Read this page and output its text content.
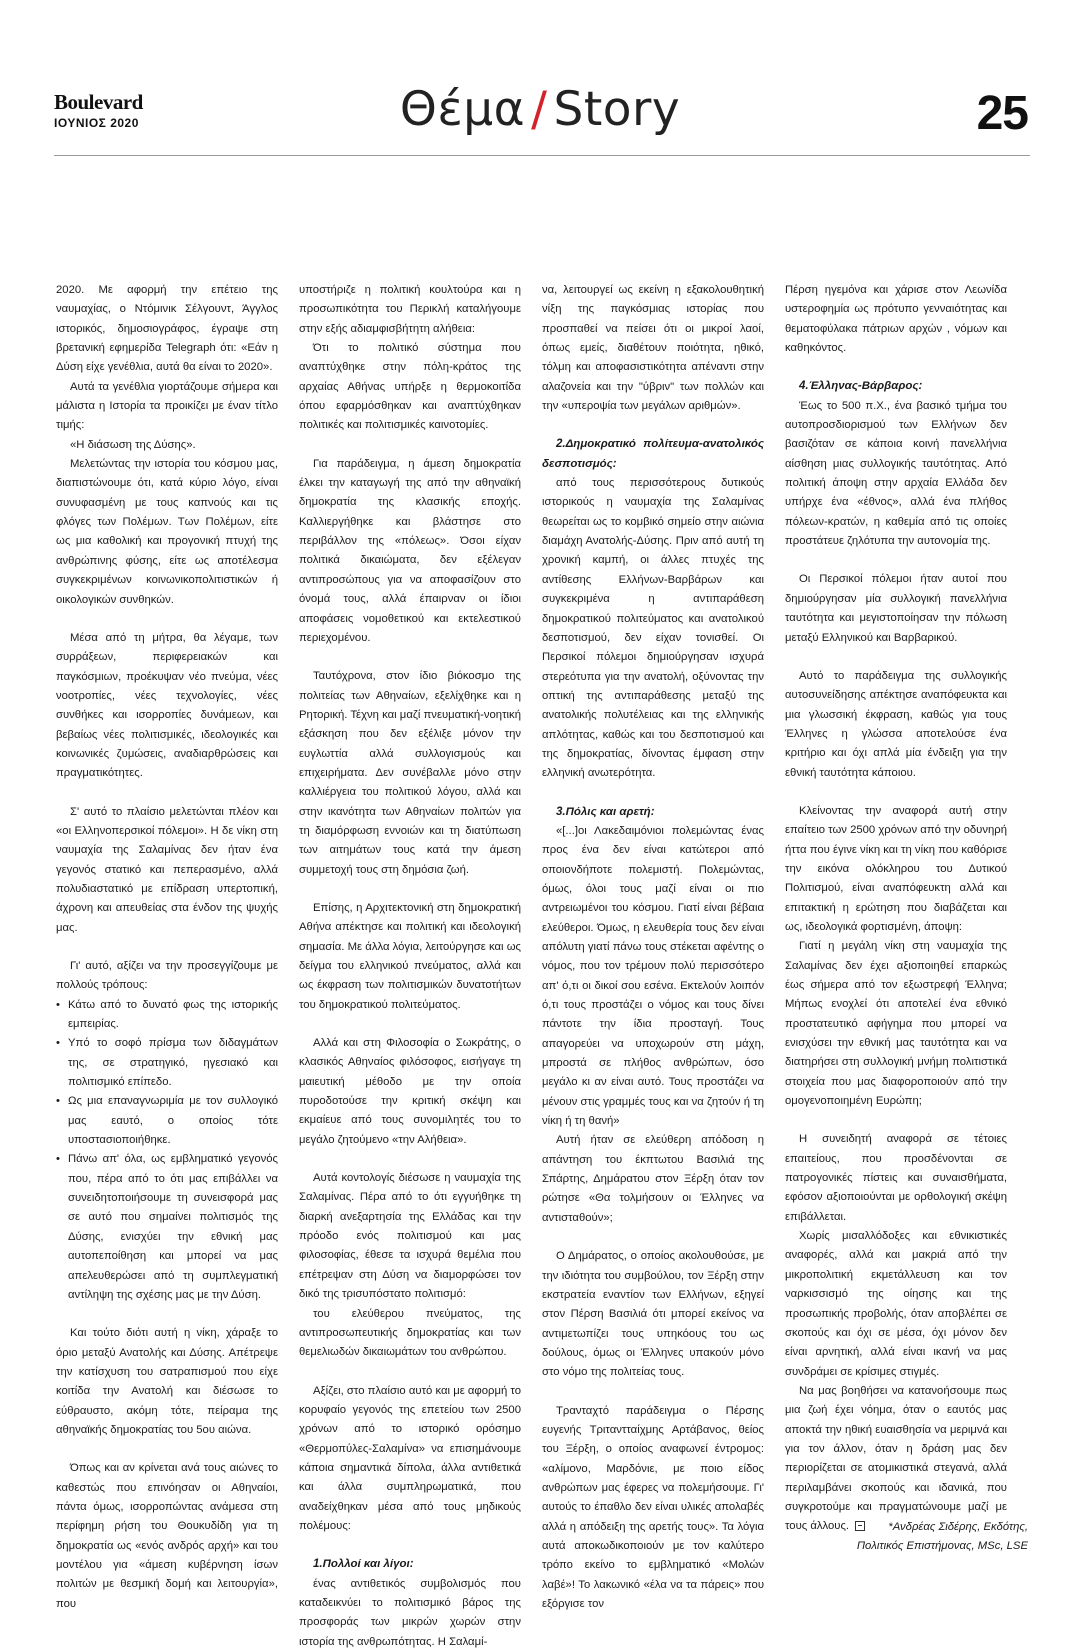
Boulevard
ΙΟΥΝΙΟΣ 2020	Θέμα / Story	25

2020. Με αφορμή την επέτειο της ναυμαχίας, ο Ντόμινικ Σέλγουντ, Άγγλος ιστορικός, δημοσιογράφος, έγραψε στη βρετανική εφημερίδα Telegraph ότι: «Εάν η Δύση είχε γενέθλια, αυτά θα είναι το 2020».

Αυτά τα γενέθλια γιορτάζουμε σήμερα και μάλιστα η Ιστορία τα προικίζει με έναν τίτλο τιμής:

«Η διάσωση της Δύσης».

Μελετώντας την ιστορία του κόσμου μας, διαπιστώνουμε ότι, κατά κύριο λόγο, είναι συνυφασμένη με τους καπνούς και τις φλόγες των Πολέμων. Των Πολέμων, είτε ως μια καθολική και προγονική πτυχή της ανθρώπινης φύσης, είτε ως αποτέλεσμα συγκεκριμένων κοινωνικοπολιτιστικών ή οικολογικών συνθηκών.

Μέσα από τη μήτρα, θα λέγαμε, των συρράξεων, περιφερειακών και παγκόσμιων, προέκυψαν νέο πνεύμα, νέες νοοτροπίες, νέες τεχνολογίες, νέες συνθήκες και ισορροπίες δυνάμεων, και βεβαίως νέες πολιτισμικές, ιδεολογικές και κοινωνικές ζυμώσεις, αναδιαρθρώσεις και πραγματικότητες.

Σ' αυτό το πλαίσιο μελετώνται πλέον και «οι Ελληνοπερσικοί πόλεμοι». Η δε νίκη στη ναυμαχία της Σαλαμίνας δεν ήταν ένα γεγονός στατικό και πεπερασμένο, αλλά πολυδιαστατικό με επίδραση υπερτοπική, άχρονη και απευθείας στα ένδον της ψυχής μας.

Γι' αυτό, αξίζει να την προσεγγίζουμε με πολλούς τρόπους:

• Κάτω από το δυνατό φως της ιστορικής εμπειρίας.
• Υπό το σοφό πρίσμα των διδαγμάτων της, σε στρατηγικό, ηγεσιακό και πολιτισμικό επίπεδο.
• Ως μια επαναγνωριμία με τον συλλογικό μας εαυτό, ο οποίος τότε υποστασιοποιήθηκε.
• Πάνω απ' όλα, ως εμβληματικό γεγονός που, πέρα από το ότι μας επιβάλλει να συνειδητοποιήσουμε τη συνεισφορά μας σε αυτό που σημαίνει πολιτισμός της Δύσης, ενισχύει την εθνική μας αυτοπεποίθηση και μπορεί να μας απελευθερώσει από τη συμπλεγματική αντίληψη της σχέσης μας με την Δύση.

Και τούτο διότι αυτή η νίκη, χάραξε το όριο μεταξύ Ανατολής και Δύσης. Απέτρεψε την κατίσχυση του σατραπισμού που είχε κοιτίδα την Ανατολή και διέσωσε το εύθραυστο, ακόμη τότε, πείραμα της αθηναϊκής δημοκρατίας του 5ου αιώνα.

Όπως και αν κρίνεται ανά τους αιώνες το καθεστώς που επινόησαν οι Αθηναίοι, πάντα όμως, ισορροπώντας ανάμεσα στη περίφημη ρήση του Θουκυδίδη για τη δημοκρατία ως «ενός ανδρός αρχή» και του μοντέλου για «άμεση κυβέρνηση ίσων πολιτών με θεσμική δομή και λειτουργία», που

υποστήριζε η πολιτική κουλτούρα και η προσωπικότητα του Περικλή καταλήγουμε στην εξής αδιαμφισβήτητη αλήθεια:

Ότι το πολιτικό σύστημα που αναπτύχθηκε στην πόλη-κράτος της αρχαίας Αθήνας υπήρξε η θερμοκοιτίδα όπου εφαρμόσθηκαν και αναπτύχθηκαν πολιτικές και πολιτισμικές καινοτομίες.

Για παράδειγμα, η άμεση δημοκρατία έλκει την καταγωγή της από την αθηναϊκή δημοκρατία της κλασικής εποχής. Καλλιεργήθηκε και βλάστησε στο περιβάλλον της «πόλεως». Όσοι είχαν πολιτικά δικαιώματα, δεν εξέλεγαν αντιπροσώπους για να αποφασίζουν στο όνομά τους, αλλά έπαιρναν οι ίδιοι αποφάσεις νομοθετικού και εκτελεστικού περιεχομένου.

Ταυτόχρονα, στον ίδιο βιόκοσμο της πολιτείας των Αθηναίων, εξελίχθηκε και η Ρητορική. Τέχνη και μαζί πνευματική-νοητική εξάσκηση που δεν εξέλιξε μόνον την ευγλωττία αλλά συλλογισμούς και επιχειρήματα. Δεν συνέβαλλε μόνο στην καλλιέργεια του πολιτικού λόγου, αλλά και στην ικανότητα των Αθηναίων πολιτών για τη διαμόρφωση εννοιών και τη διατύπωση των αιτημάτων τους κατά την άμεση συμμετοχή τους στη δημόσια ζωή.

Επίσης, η Αρχιτεκτονική στη δημοκρατική Αθήνα απέκτησε και πολιτική και ιδεολογική σημασία. Με άλλα λόγια, λειτούργησε και ως δείγμα του ελληνικού πνεύματος, αλλά και ως έκφραση των πολιτισμικών δυνατοτήτων του δημοκρατικού πολιτεύματος.

Αλλά και στη Φιλοσοφία ο Σωκράτης, ο κλασικός Αθηναίος φιλόσοφος, εισήγαγε τη μαιευτική μέθοδο με την οποία πυροδοτούσε την κριτική σκέψη και εκμαίευε από τους συνομιλητές του το μεγάλο ζητούμενο «την Αλήθεια».

Αυτά κοντολογίς διέσωσε η ναυμαχία της Σαλαμίνας. Πέρα από το ότι εγγυήθηκε τη διαρκή ανεξαρτησία της Ελλάδας και την πρόοδο ενός πολιτισμού και μας φιλοσοφίας, έθεσε τα ισχυρά θεμέλια που επέτρεψαν στη Δύση να διαμορφώσει τον δικό της τρισυπόστατο πολιτισμό:

του ελεύθερου πνεύματος, της αντιπροσωπευτικής δημοκρατίας και των θεμελιωδών δικαιωμάτων του ανθρώπου.

Αξίζει, στο πλαίσιο αυτό και με αφορμή το κορυφαίο γεγονός της επετείου των 2500 χρόνων από το ιστορικό ορόσημο «Θερμοπύλες-Σαλαμίνα» να επισημάνουμε κάποια σημαντικά δίπολα, άλλα αντιθετικά και άλλα συμπληρωματικά, που αναδείχθηκαν μέσα από τους μηδικούς πολέμους:

1.Πολλοί και λίγοι:

ένας αντιθετικός συμβολισμός που καταδεικνύει το πολιτισμικό βάρος της προσφοράς των μικρών χωρών στην ιστορία της ανθρωπότητας. Η Σαλαμί-

να, λειτουργεί ως εκείνη η εξακολουθητική νίξη της παγκόσμιας ιστορίας που προσπαθεί να πείσει ότι οι μικροί λαοί, όπως εμείς, διαθέτουν ποιότητα, ηθικό, τόλμη και αποφασιστικότητα απέναντι στην αλαζονεία και την "ύβριν" των πολλών και την «υπεροψία των μεγάλων αριθμών».

2.Δημοκρατικό πολίτευμα-ανατολικός δεσποτισμός:

από τους περισσότερους δυτικούς ιστορικούς η ναυμαχία της Σαλαμίνας θεωρείται ως το κομβικό σημείο στην αιώνια διαμάχη Ανατολής-Δύσης. Πριν από αυτή τη χρονική καμπή, οι άλλες πτυχές της αντίθεσης Ελλήνων-Βαρβάρων και συγκεκριμένα η αντιπαράθεση δημοκρατικού πολιτεύματος και ανατολικού δεσποτισμού, δεν είχαν τονισθεί. Οι Περσικοί πόλεμοι δημιούργησαν ισχυρά στερεότυπα για την ανατολή, οξύνοντας την οπτική της αντιπαράθεσης μεταξύ της ανατολικής πολυτέλειας και της ελληνικής απλότητας, καθώς και του δεσποτισμού και της δημοκρατίας, δίνοντας έμφαση στην ελληνική ανωτερότητα.

3.Πόλις και αρετή:

«[...]οι Λακεδαιμόνιοι πολεμώντας ένας προς ένα δεν είναι κατώτεροι από οποιονδήποτε πολεμιστή. Πολεμώντας, όμως, όλοι τους μαζί είναι οι πιο αντρειωμένοι του κόσμου. Γιατί είναι βέβαια ελεύθεροι. Όμως, η ελευθερία τους δεν είναι απόλυτη γιατί πάνω τους στέκεται αφέντης ο νόμος, που τον τρέμουν πολύ περισσότερο απ' ό,τι οι δικοί σου εσένα. Εκτελούν λοιπόν ό,τι τους προστάζει ο νόμος και τους δίνει πάντοτε την ίδια προσταγή. Τους απαγορεύει να υποχωρούν στη μάχη, μπροστά σε πλήθος ανθρώπων, όσο μεγάλο κι αν είναι αυτό. Τους προστάζει να μένουν στις γραμμές τους και να ζητούν ή τη νίκη ή τη θανή»

Αυτή ήταν σε ελεύθερη απόδοση η απάντηση του έκπτωτου Βασιλιά της Σπάρτης, Δημάρατου στον Ξέρξη όταν τον ρώτησε «Θα τολμήσουν οι Έλληνες να αντισταθούν»;

Ο Δημάρατος, ο οποίος ακολουθούσε, με την ιδιότητα του συμβούλου, τον Ξέρξη στην εκστρατεία εναντίον των Ελλήνων, εξηγεί στον Πέρση Βασιλιά ότι μπορεί εκείνος να αντιμετωπίζει τους υπηκόους του ως δούλους, όμως οι Έλληνες υπακούν μόνο στο νόμο της πολιτείας τους.

Τρανταχτό παράδειγμα ο Πέρσης ευγενής Τριταντταίχμης Αρτάβανος, θείος του Ξέρξη, ο οποίος αναφωνεί έντρομος: «αλίμονο, Μαρδόνιε, με ποιο είδος ανθρώπων μας έφερες να πολεμήσουμε. Γι' αυτούς το έπαθλο δεν είναι υλικές απολαβές αλλά η απόδειξη της αρετής τους». Τα λόγια αυτά αποκωδικοποιούν με τον καλύτερο τρόπο εκείνο το εμβληματικό «Μολών λαβέ»! Το λακωνικό «έλα να τα πάρεις» που εξόργισε τον

Πέρση ηγεμόνα και χάρισε στον Λεωνίδα υστεροφημία ως πρότυπο γενναιότητας και θεματοφύλακα πάτριων αρχών , νόμων και καθηκόντος.

4.Έλληνας-Βάρβαρος:

Έως το 500 π.Χ., ένα βασικό τμήμα του αυτοπροσδιορισμού των Ελλήνων δεν βασιζόταν σε κάποια κοινή πανελλήνια αίσθηση μιας συλλογικής ταυτότητας. Από πολιτική άποψη στην αρχαία Ελλάδα δεν υπήρχε ένα «έθνος», αλλά ένα πλήθος πόλεων-κρατών, η καθεμία από τις οποίες προστάτευε ζηλότυπα την αυτονομία της.

Οι Περσικοί πόλεμοι ήταν αυτοί που δημιούργησαν μία συλλογική πανελλήνια ταυτότητα και μεγιστοποίησαν την πόλωση μεταξύ Ελληνικού και Βαρβαρικού.

Αυτό το παράδειγμα της συλλογικής αυτοσυνείδησης απέκτησε αναπόφευκτα και μια γλωσσική έκφραση, καθώς για τους Έλληνες η γλώσσα αποτελούσε ένα κριτήριο και όχι απλά μία ένδειξη για την εθνική ταυτότητα κάποιου.

Κλείνοντας την αναφορά αυτή στην επαίτειο των 2500 χρόνων από την οδυνηρή ήττα που έγινε νίκη και τη νίκη που καθόρισε την εικόνα ολόκληρου του Δυτικού Πολιτισμού, είναι αναπόφευκτη αλλά και επιτακτική η ερώτηση που διαβάζεται και ως, ιδεολογικά φορτισμένη, άποψη:

Γιατί η μεγάλη νίκη στη ναυμαχία της Σαλαμίνας δεν έχει αξιοποιηθεί επαρκώς έως σήμερα από τον εξωστρεφή Έλληνα; Μήπως ενοχλεί ότι αποτελεί ένα εθνικό προστατευτικό αφήγημα που μπορεί να ενισχύσει την εθνική μας ταυτότητα και να διατηρήσει στη συλλογική μνήμη πολιτιστικά στοιχεία που μας διαφοροποιούν από την ομογενοποιημένη Ευρώπη;

Η συνειδητή αναφορά σε τέτοιες επαιτείους, που προσδένονται σε πατρογονικές πίστεις και συναισθήματα, εφόσον αξιοποιούνται με ορθολογική σκέψη επιβάλλεται.

Χωρίς μισαλλόδοξες και εθνικιστικές αναφορές, αλλά και μακριά από την μικροπολιτική εκμετάλλευση και τον ναρκισσισμό της οίησης και της προσωπικής προβολής, όταν αποβλέπει σε σκοπούς και όχι σε μέσα, όχι μόνον δεν είναι αρνητική, αλλά είναι ικανή να μας συνδράμει σε κρίσιμες στιγμές.

Να μας βοηθήσει να κατανοήσουμε πως μια ζωή έχει νόημα, όταν ο εαυτός μας αποκτά την ηθική ευαισθησία να μεριμνά και για τον άλλον, όταν η δράση μας δεν περιορίζεται σε ατομικιστικά στεγανά, αλλά περιλαμβάνει σκοπούς και ιδανικά, που συγκροτούμε και πραγματώνουμε μαζί με τους άλλους.	*Ανδρέας Σιδέρης, Εκδότης,
Πολιτικός Επιστήμονας, MSc, LSE
